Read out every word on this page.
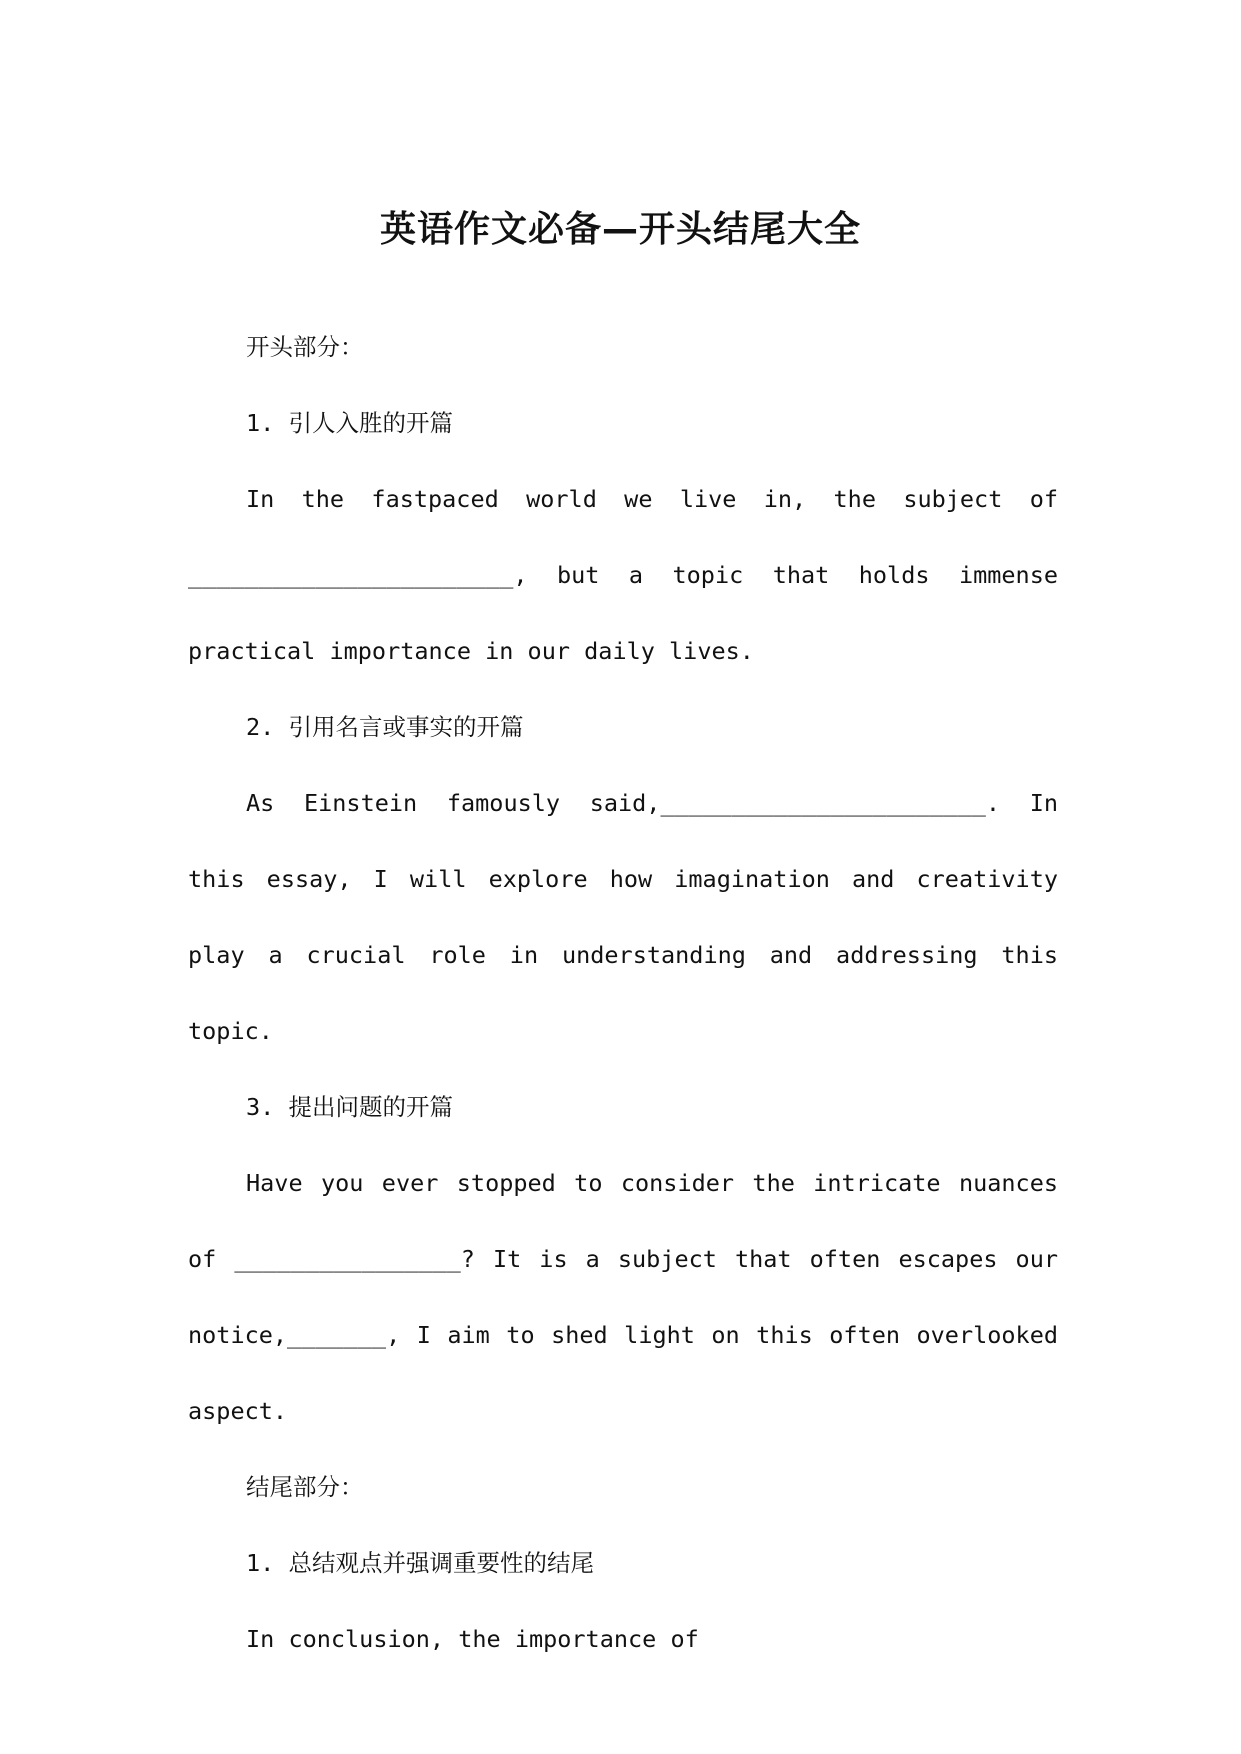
英语作文必备—开头结尾大全

开头部分：

1. 引人入胜的开篇

In the fastpaced world we live in, the subject of _______________________, but a topic that holds immense practical importance in our daily lives.

2. 引用名言或事实的开篇

As Einstein famously said,_______________________. In this essay, I will explore how imagination and creativity play a crucial role in understanding and addressing this topic.

3. 提出问题的开篇

Have you ever stopped to consider the intricate nuances of ________________? It is a subject that often escapes our notice,_______, I aim to shed light on this often overlooked aspect.

结尾部分：

1. 总结观点并强调重要性的结尾

In conclusion, the importance of
